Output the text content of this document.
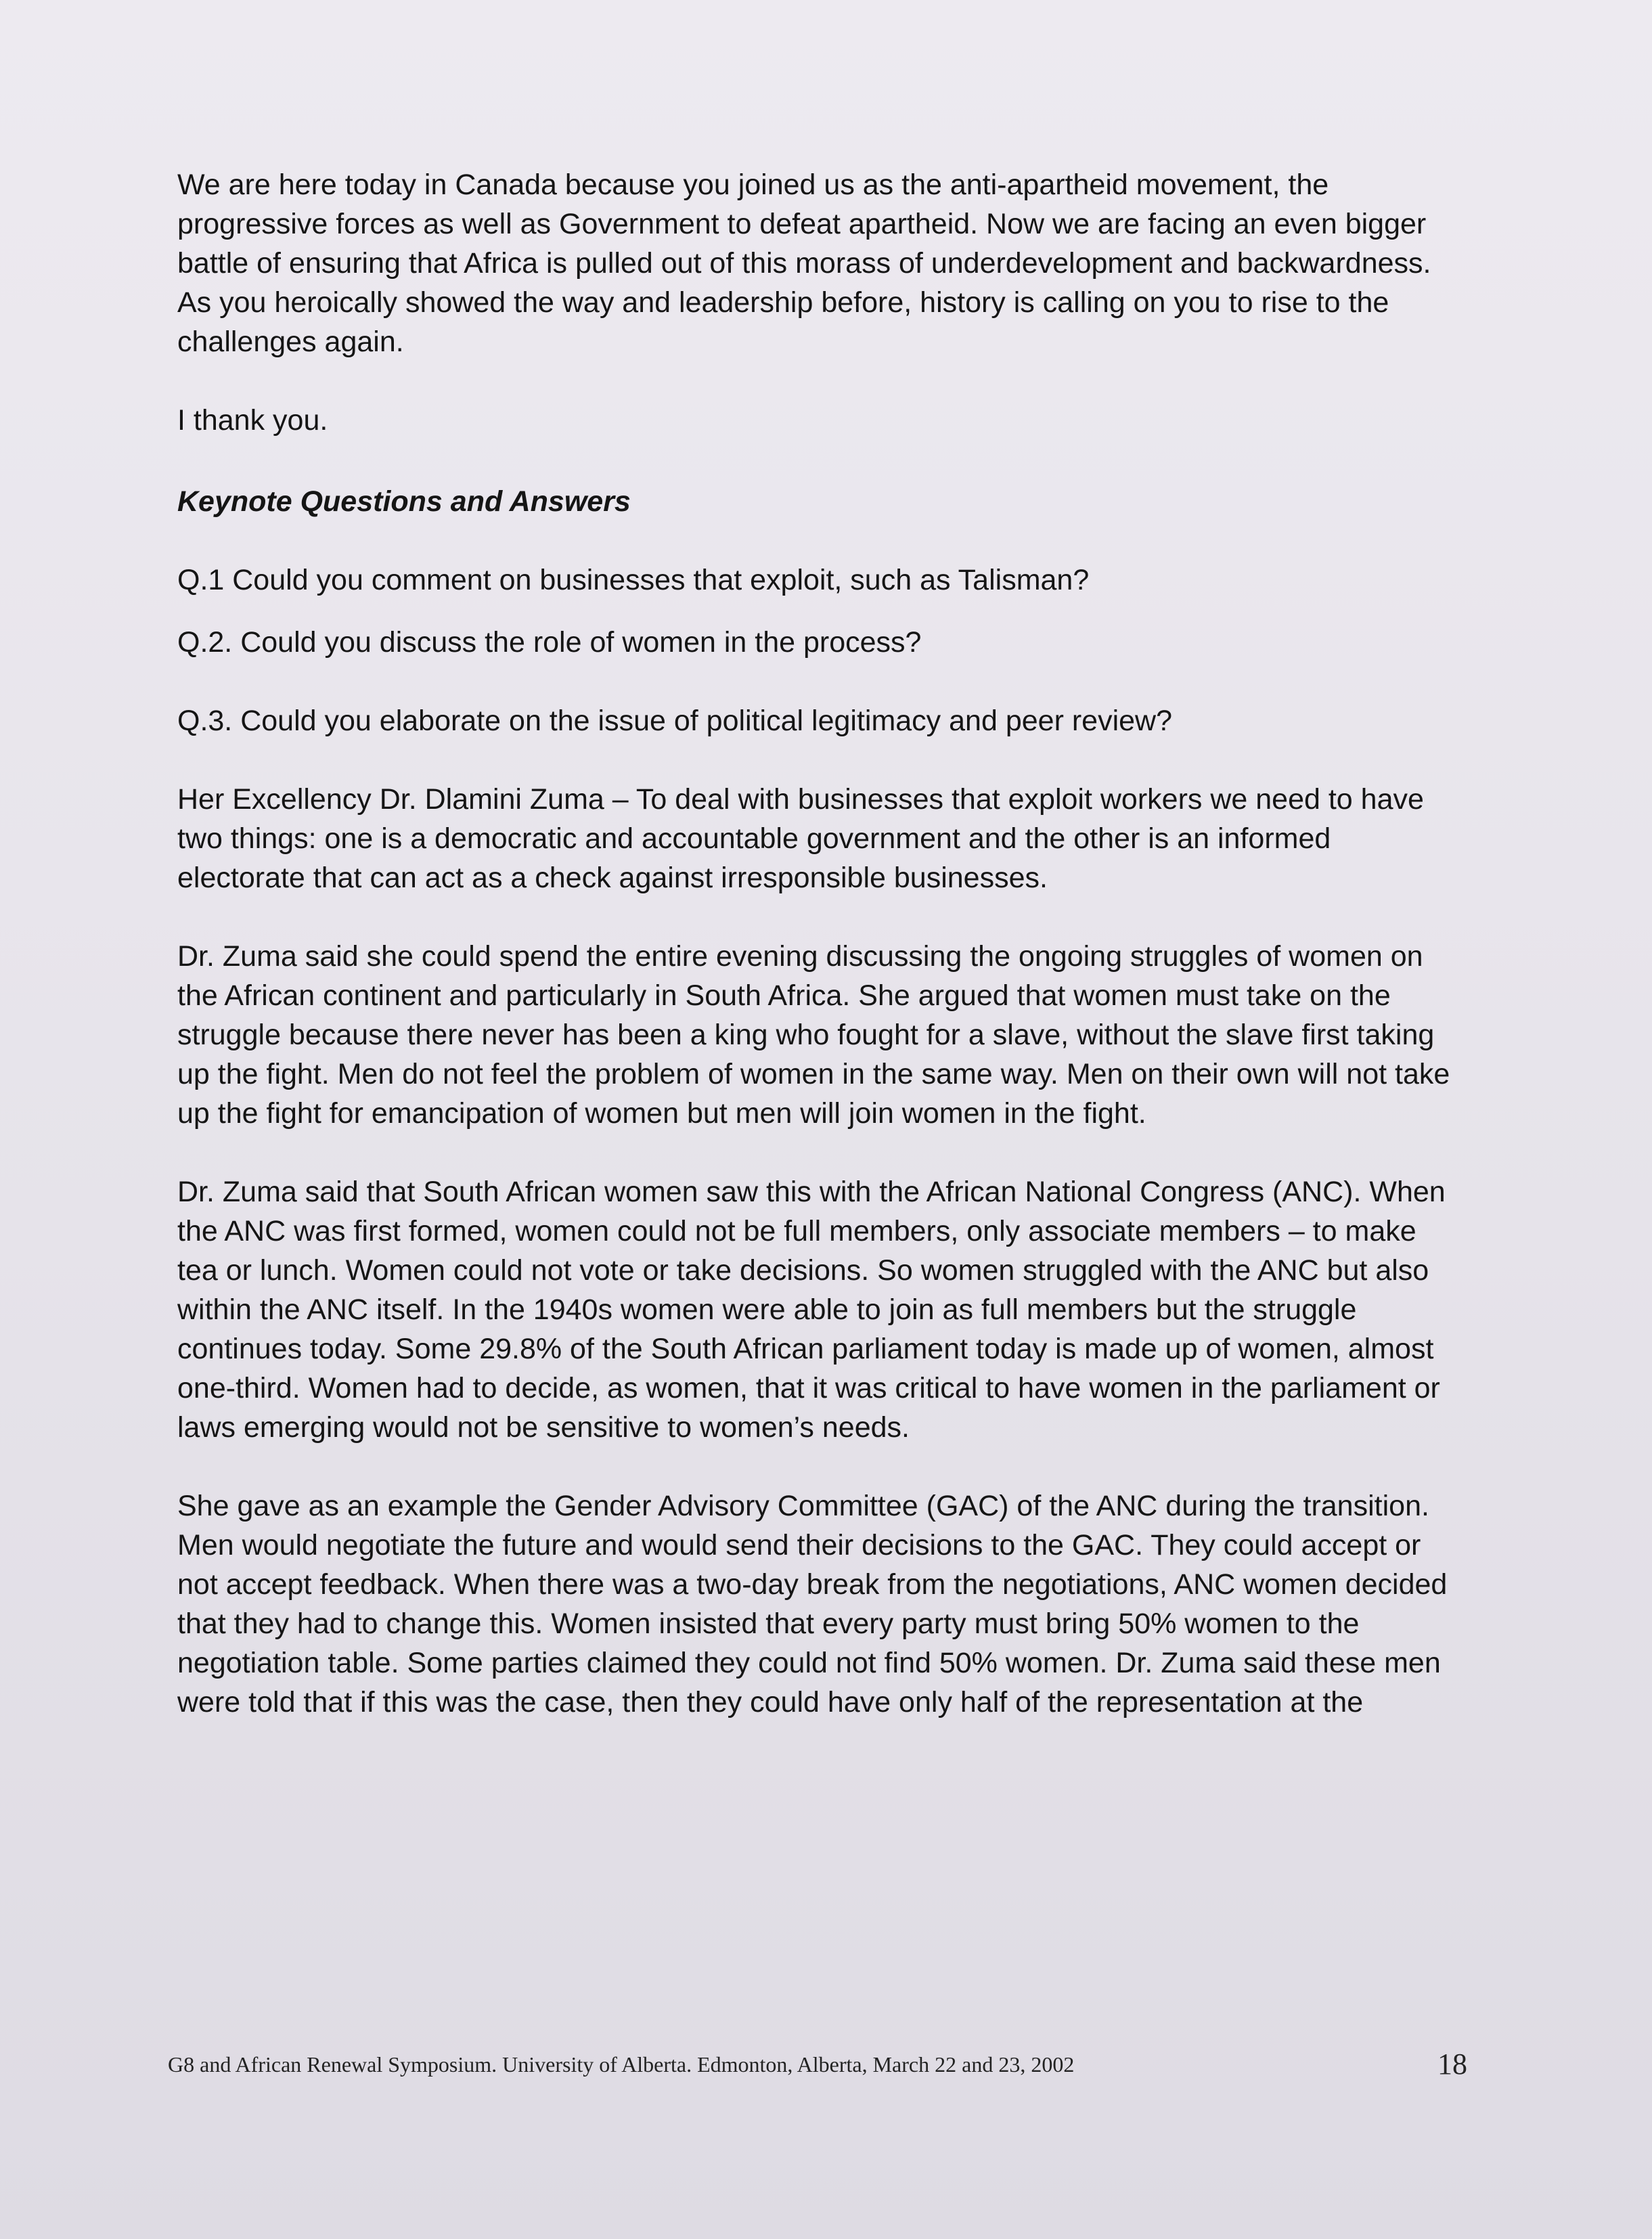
We are here today in Canada because you joined us as the anti-apartheid movement, the progressive forces as well as Government to defeat apartheid. Now we are facing an even bigger battle of ensuring that Africa is pulled out of this morass of underdevelopment and backwardness. As you heroically showed the way and leadership before, history is calling on you to rise to the challenges again.

I thank you.

Keynote Questions and Answers

Q.1 Could you comment on businesses that exploit, such as Talisman?

Q.2. Could you discuss the role of women in the process?

Q.3. Could you elaborate on the issue of political legitimacy and peer review?

Her Excellency Dr. Dlamini Zuma – To deal with businesses that exploit workers we need to have two things: one is a democratic and accountable government and the other is an informed electorate that can act as a check against irresponsible businesses.

Dr. Zuma said she could spend the entire evening discussing the ongoing struggles of women on the African continent and particularly in South Africa. She argued that women must take on the struggle because there never has been a king who fought for a slave, without the slave first taking up the fight. Men do not feel the problem of women in the same way. Men on their own will not take up the fight for emancipation of women but men will join women in the fight.

Dr. Zuma said that South African women saw this with the African National Congress (ANC). When the ANC was first formed, women could not be full members, only associate members – to make tea or lunch. Women could not vote or take decisions. So women struggled with the ANC but also within the ANC itself. In the 1940s women were able to join as full members but the struggle continues today. Some 29.8% of the South African parliament today is made up of women, almost one-third. Women had to decide, as women, that it was critical to have women in the parliament or laws emerging would not be sensitive to women’s needs.

She gave as an example the Gender Advisory Committee (GAC) of the ANC during the transition. Men would negotiate the future and would send their decisions to the GAC. They could accept or not accept feedback. When there was a two-day break from the negotiations, ANC women decided that they had to change this. Women insisted that every party must bring 50% women to the negotiation table. Some parties claimed they could not find 50% women. Dr. Zuma said these men were told that if this was the case, then they could have only half of the representation at the

G8 and African Renewal Symposium. University of Alberta. Edmonton, Alberta, March 22 and 23, 2002	18
